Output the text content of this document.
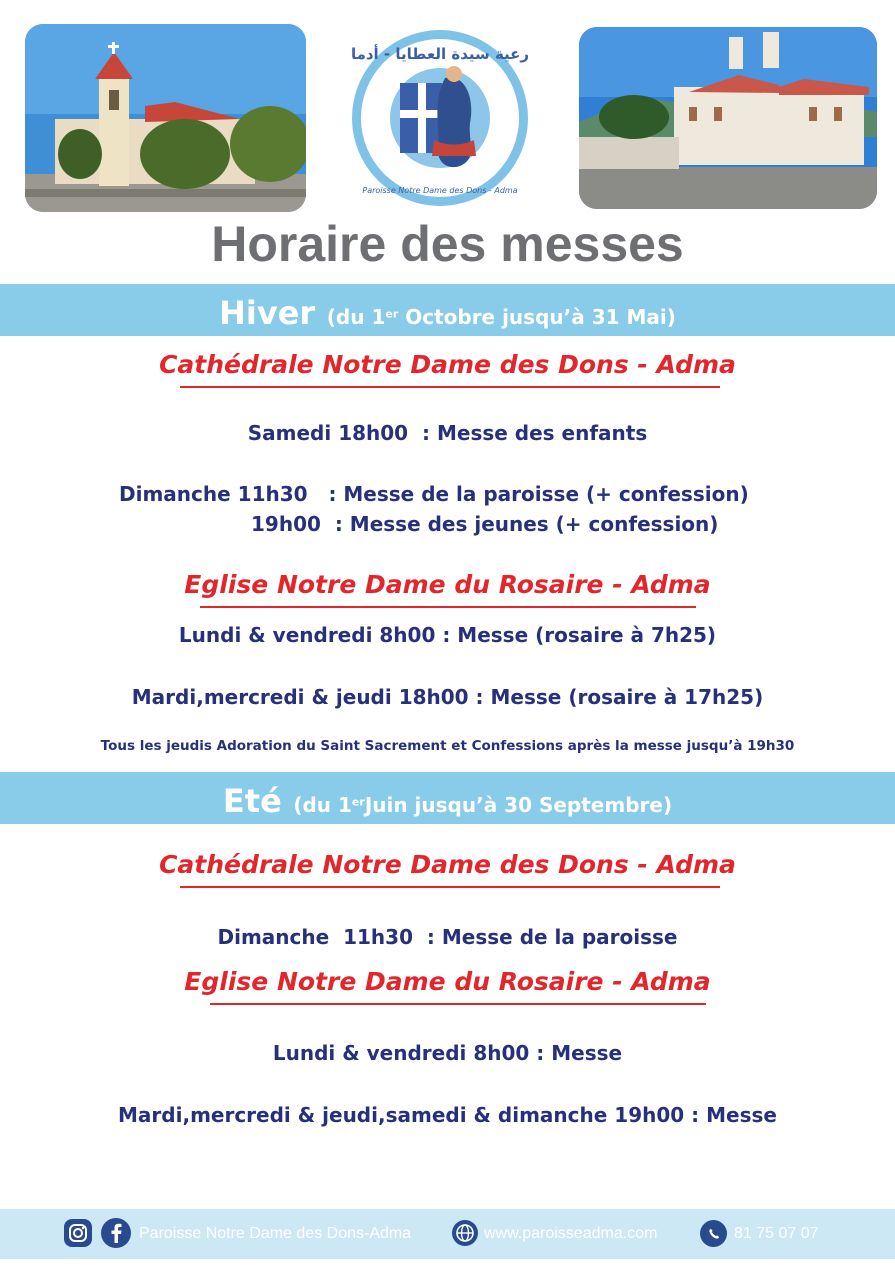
رعية سيدة العطايا - أدما
Paroisse Notre Dame des Dons - Adma
Horaire des messes
Hiver (du 1er Octobre jusqu’à 31 Mai)
Cathédrale Notre Dame des Dons - Adma
Samedi 18h00  : Messe des enfants
Dimanche 11h30   : Messe de la paroisse (+ confession)
19h00  : Messe des jeunes (+ confession)
Eglise Notre Dame du Rosaire - Adma
Lundi & vendredi 8h00 : Messe (rosaire à 7h25)
Mardi,mercredi & jeudi 18h00 : Messe (rosaire à 17h25)
Tous les jeudis Adoration du Saint Sacrement et Confessions après la messe jusqu’à 19h30
Eté (du 1erJuin jusqu’à 30 Septembre)
Cathédrale Notre Dame des Dons - Adma
Dimanche  11h30  : Messe de la paroisse
Eglise Notre Dame du Rosaire - Adma
Lundi & vendredi 8h00 : Messe
Mardi,mercredi & jeudi,samedi & dimanche 19h00 : Messe
Paroisse Notre Dame des Dons-Adma	www.paroisseadma.com	81 75 07 07
